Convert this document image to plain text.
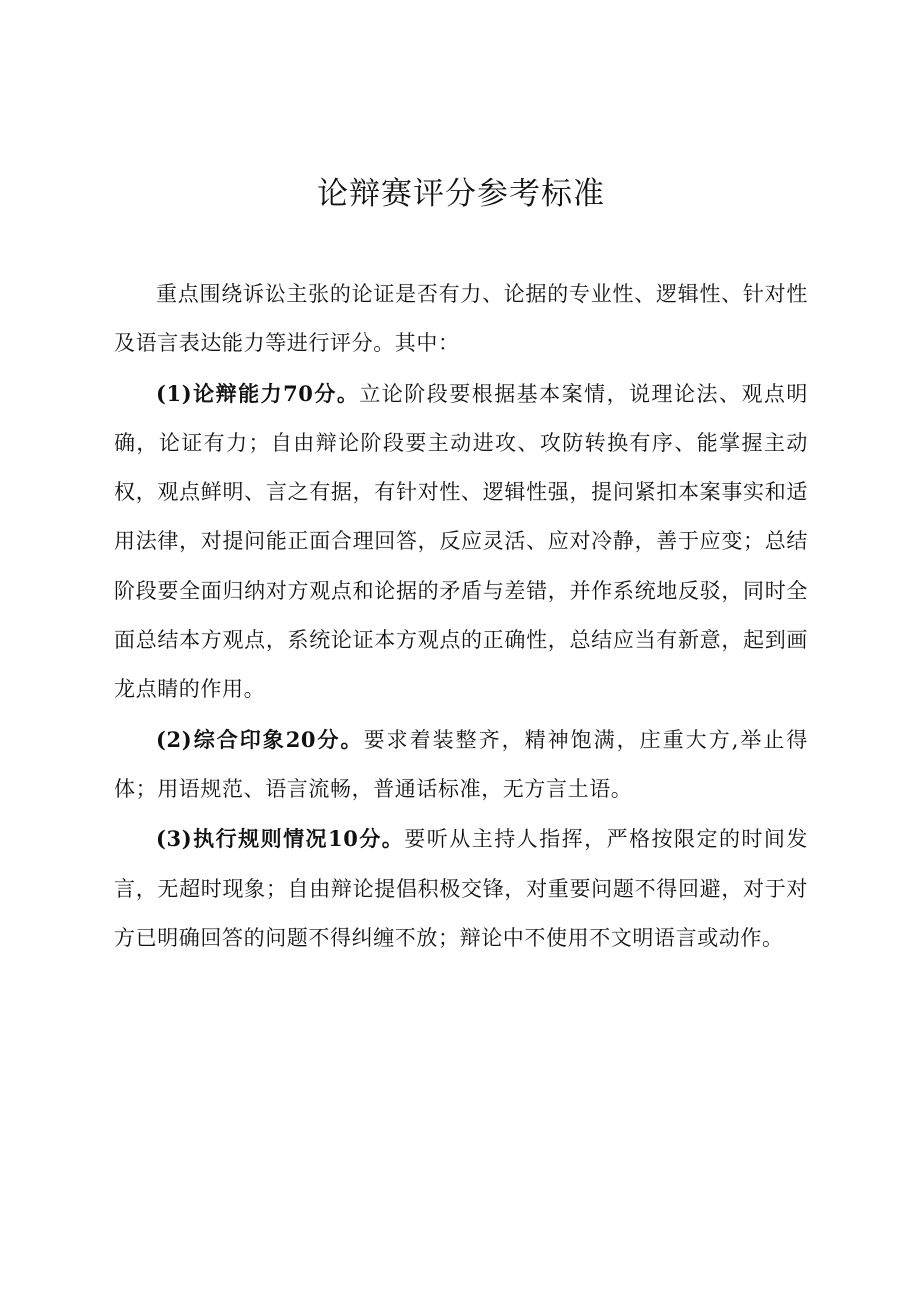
论辩赛评分参考标准

重点围绕诉讼主张的论证是否有力、论据的专业性、逻辑性、针对性及语言表达能力等进行评分。其中：

(1)论辩能力70分。立论阶段要根据基本案情，说理论法、观点明确，论证有力；自由辩论阶段要主动进攻、攻防转换有序、能掌握主动权，观点鲜明、言之有据，有针对性、逻辑性强，提问紧扣本案事实和适用法律，对提问能正面合理回答，反应灵活、应对冷静，善于应变；总结阶段要全面归纳对方观点和论据的矛盾与差错，并作系统地反驳，同时全面总结本方观点，系统论证本方观点的正确性，总结应当有新意，起到画龙点睛的作用。

(2)综合印象20分。要求着装整齐，精神饱满，庄重大方,举止得体；用语规范、语言流畅，普通话标准，无方言土语。

(3)执行规则情况10分。要听从主持人指挥，严格按限定的时间发言，无超时现象；自由辩论提倡积极交锋，对重要问题不得回避，对于对方已明确回答的问题不得纠缠不放；辩论中不使用不文明语言或动作。
